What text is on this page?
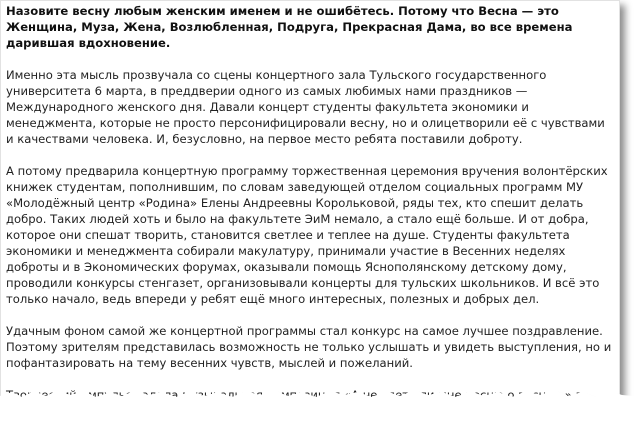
Назовите весну любым женским именем и не ошибётесь. Потому что Весна — это Женщина, Муза, Жена, Возлюбленная, Подруга, Прекрасная Дама, во все времена дарившая вдохновение.

Именно эта мысль прозвучала со сцены концертного зала Тульского государственного университета 6 марта, в преддверии одного из самых любимых нами праздников — Международного женского дня. Давали концерт студенты факультета экономики и менеджмента, которые не просто персонифицировали весну, но и олицетворили её с чувствами и качествами человека. И, безусловно, на первое место ребята поставили доброту.

А потому предварила концертную программу торжественная церемония вручения волонтёрских книжек студентам, пополнившим, по словам заведующей отделом социальных программ МУ «Молодёжный центр «Родина» Елены Андреевны Корольковой, ряды тех, кто спешит делать добро. Таких людей хоть и было на факультете ЭиМ немало, а стало ещё больше. И от добра, которое они спешат творить, становится светлее и теплее на душе. Студенты факультета экономики и менеджмента собирали макулатуру, принимали участие в Весенних неделях доброты и в Экономических форумах, оказывали помощь Яснополянскому детскому дому, проводили конкурсы стенгазет, организовывали концерты для тульских школьников. И всё это только начало, ведь впереди у ребят ещё много интересных, полезных и добрых дел.

Удачным фоном самой же концертной программы стал конкурс на самое лучшее поздравление. Поэтому зрителям представилась возможность не только услышать и увидеть выступления, но и пофантазировать на тему весенних чувств, мыслей и пожеланий.
